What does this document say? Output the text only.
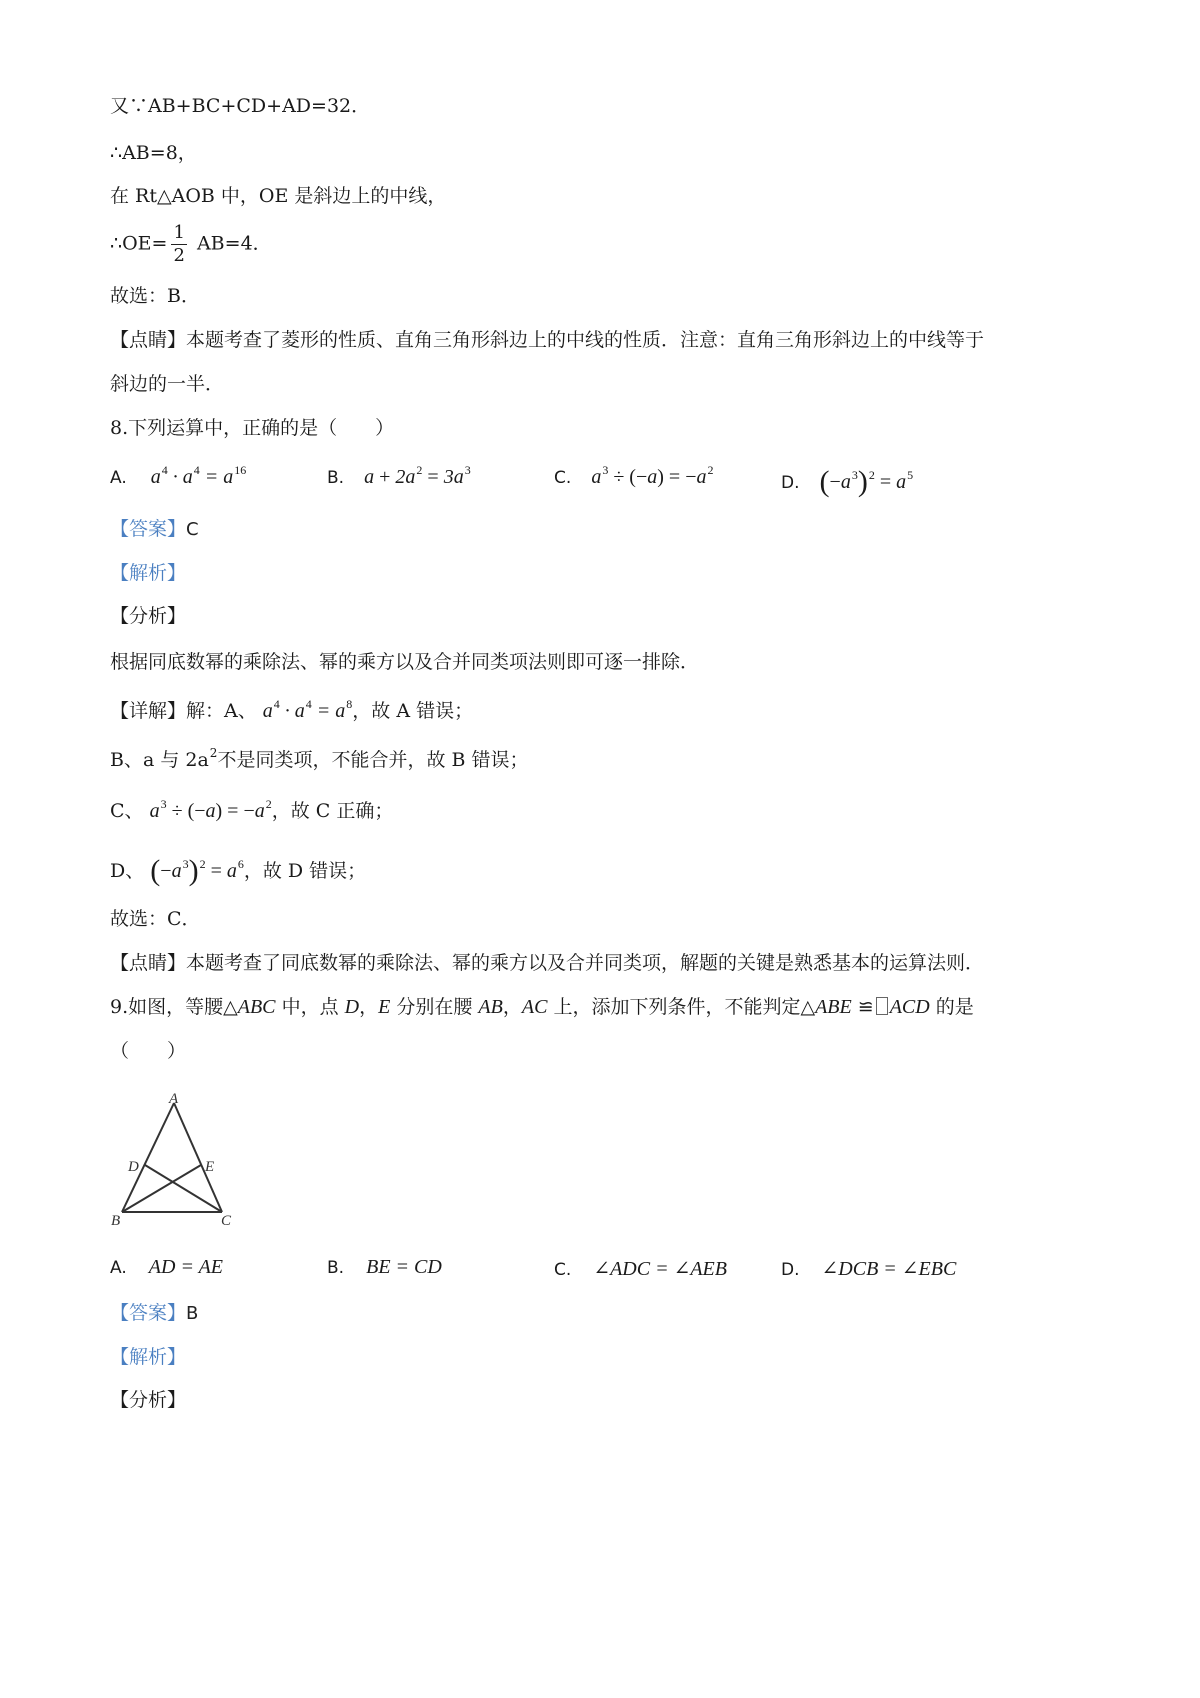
又∵AB+BC+CD+AD=32．
∴AB=8，
在 Rt△AOB 中，OE 是斜边上的中线，
∴OE= $\frac{1}{2} AB=4$．
故选：B．
【点睛】本题考查了菱形的性质、直角三角形斜边上的中线的性质．注意：直角三角形斜边上的中线等于
斜边的一半．
8.下列运算中，正确的是（　　）
A. $a^4 \cdot a^4 = a^{16}$	B. $a + 2a^2 = 3a^3$	C. $a^3 \div (-a) = -a^2$
D. $(-a^3)^2 = a^5$
【答案】C
【解析】
【分析】
根据同底数幂的乘除法、幂的乘方以及合并同类项法则即可逐一排除．
【详解】解：A、 $a^4 \cdot a^4 = a^8$，故 A 错误；
B、a 与 $2a^2$不是同类项，不能合并，故 B 错误；
C、 $a^3 \div (-a) = -a^2$，故 C 正确；
D、 $(-a^3)^2 = a^6$，故 D 错误；
故选：C．
【点睛】本题考查了同底数幂的乘除法、幂的乘方以及合并同类项，解题的关键是熟悉基本的运算法则．
9.如图，等腰△ABC 中，点 D，E 分别在腰 AB，AC 上，添加下列条件，不能判定△ABE ≌ ACD 的是
（　　）
A
D	E
B	C
A. AD = AE	B. BE = CD	C. ∠ADC = ∠AEB	D. ∠DCB = ∠EBC
【答案】B
【解析】
【分析】
